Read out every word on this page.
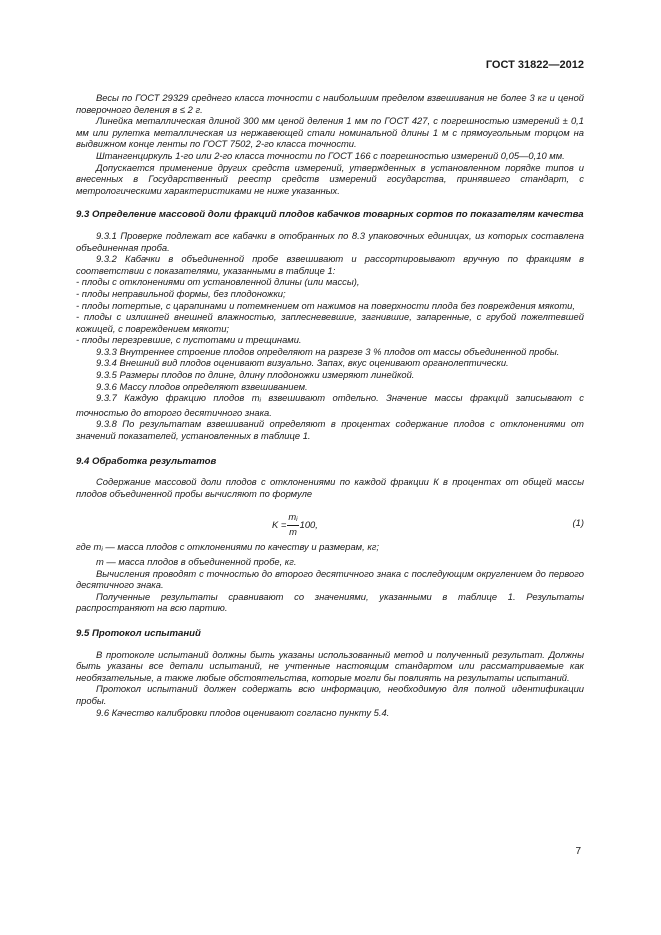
ГОСТ 31822—2012

Весы по ГОСТ 29329 среднего класса точности с наибольшим пределом взвешивания не более 3 кг и ценой поверочного деления в ≤ 2 г.

Линейка металлическая длиной 300 мм ценой деления 1 мм по ГОСТ 427, с погрешностью измерений ± 0,1 мм или рулетка металлическая из нержавеющей стали номинальной длины 1 м с прямоугольным торцом на выдвижном конце ленты по ГОСТ 7502, 2-го класса точности.

Штангенциркуль 1-го или 2-го класса точности по ГОСТ 166 с погрешностью измерений 0,05—0,10 мм.

Допускается применение других средств измерений, утвержденных в установленном порядке типов и внесенных в Государственный реестр средств измерений государства, принявшего стандарт, с метрологическими характеристиками не ниже указанных.

9.3 Определение массовой доли фракций плодов кабачков товарных сортов по показателям качества

9.3.1 Проверке подлежат все кабачки в отобранных по 8.3 упаковочных единицах, из которых составлена объединенная проба.

9.3.2 Кабачки в объединенной пробе взвешивают и рассортировывают вручную по фракциям в соответствии с показателями, указанными в таблице 1:

- плоды с отклонениями от установленной длины (или массы),

- плоды неправильной формы, без плодоножки;

- плоды потертые, с царапинами и потемнением от нажимов на поверхности плода без повреждения мякоти,

- плоды с излишней внешней влажностью, заплесневевшие, загнившие, запаренные, с грубой пожелтевшей кожицей, с повреждением мякоти;

- плоды перезревшие, с пустотами и трещинами.

9.3.3 Внутреннее строение плодов определяют на разрезе 3 % плодов от массы объединенной пробы.

9.3.4 Внешний вид плодов оценивают визуально. Запах, вкус оценивают органолептически.

9.3.5 Размеры плодов по длине, длину плодоножки измеряют линейкой.

9.3.6 Массу плодов определяют взвешиванием.

9.3.7 Каждую фракцию плодов $m_i$ взвешивают отдельно. Значение массы фракций записывают с точностью до второго десятичного знака.

9.3.8 По результатам взвешиваний определяют в процентах содержание плодов с отклонениями от значений показателей, установленных в таблице 1.

9.4 Обработка результатов

Содержание массовой доли плодов с отклонениями по каждой фракции К в процентах от общей массы плодов объединенной пробы вычисляют по формуле

$K = \frac{m_i}{m} 100$,	(1)

где $m_i$ — масса плодов с отклонениями по качеству и размерам, кг;

m — масса плодов в объединенной пробе, кг.

Вычисления проводят с точностью до второго десятичного знака с последующим округлением до первого десятичного знака.

Полученные результаты сравнивают со значениями, указанными в таблице 1. Результаты распространяют на всю партию.

9.5 Протокол испытаний

В протоколе испытаний должны быть указаны использованный метод и полученный результат. Должны быть указаны все детали испытаний, не учтенные настоящим стандартом или рассматриваемые как необязательные, а также любые обстоятельства, которые могли бы повлиять на результаты испытаний.

Протокол испытаний должен содержать всю информацию, необходимую для полной идентификации пробы.

9.6 Качество калибровки плодов оценивают согласно пункту 5.4.

7
